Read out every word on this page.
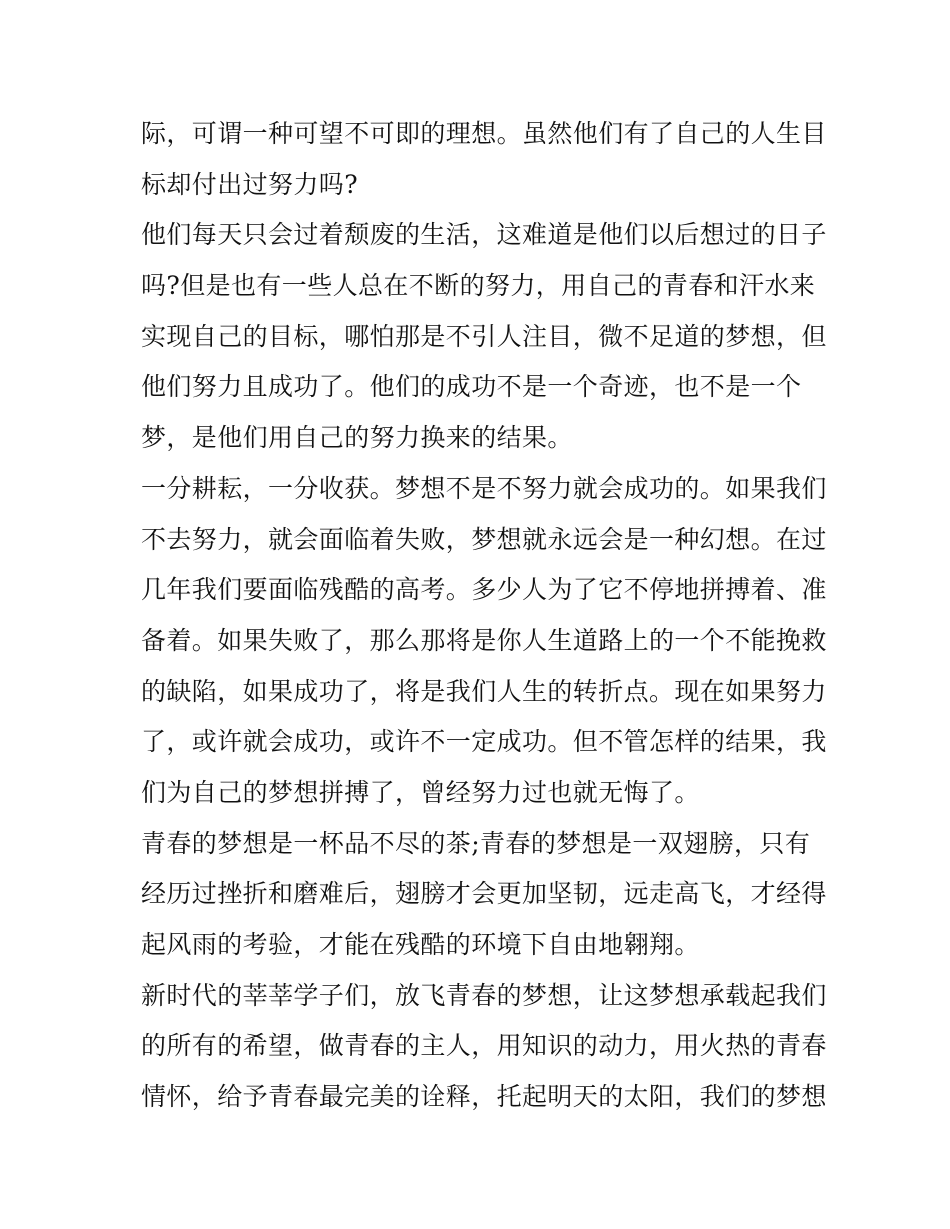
际，可谓一种可望不可即的理想。虽然他们有了自己的人生目
标却付出过努力吗?
他们每天只会过着颓废的生活，这难道是他们以后想过的日子
吗?但是也有一些人总在不断的努力，用自己的青春和汗水来
实现自己的目标，哪怕那是不引人注目，微不足道的梦想，但
他们努力且成功了。他们的成功不是一个奇迹，也不是一个
梦，是他们用自己的努力换来的结果。
一分耕耘，一分收获。梦想不是不努力就会成功的。如果我们
不去努力，就会面临着失败，梦想就永远会是一种幻想。在过
几年我们要面临残酷的高考。多少人为了它不停地拼搏着、准
备着。如果失败了，那么那将是你人生道路上的一个不能挽救
的缺陷，如果成功了，将是我们人生的转折点。现在如果努力
了，或许就会成功，或许不一定成功。但不管怎样的结果，我
们为自己的梦想拼搏了，曾经努力过也就无悔了。
青春的梦想是一杯品不尽的茶;青春的梦想是一双翅膀，只有
经历过挫折和磨难后，翅膀才会更加坚韧，远走高飞，才经得
起风雨的考验，才能在残酷的环境下自由地翱翔。
新时代的莘莘学子们，放飞青春的梦想，让这梦想承载起我们
的所有的希望，做青春的主人，用知识的动力，用火热的青春
情怀，给予青春最完美的诠释，托起明天的太阳，我们的梦想
